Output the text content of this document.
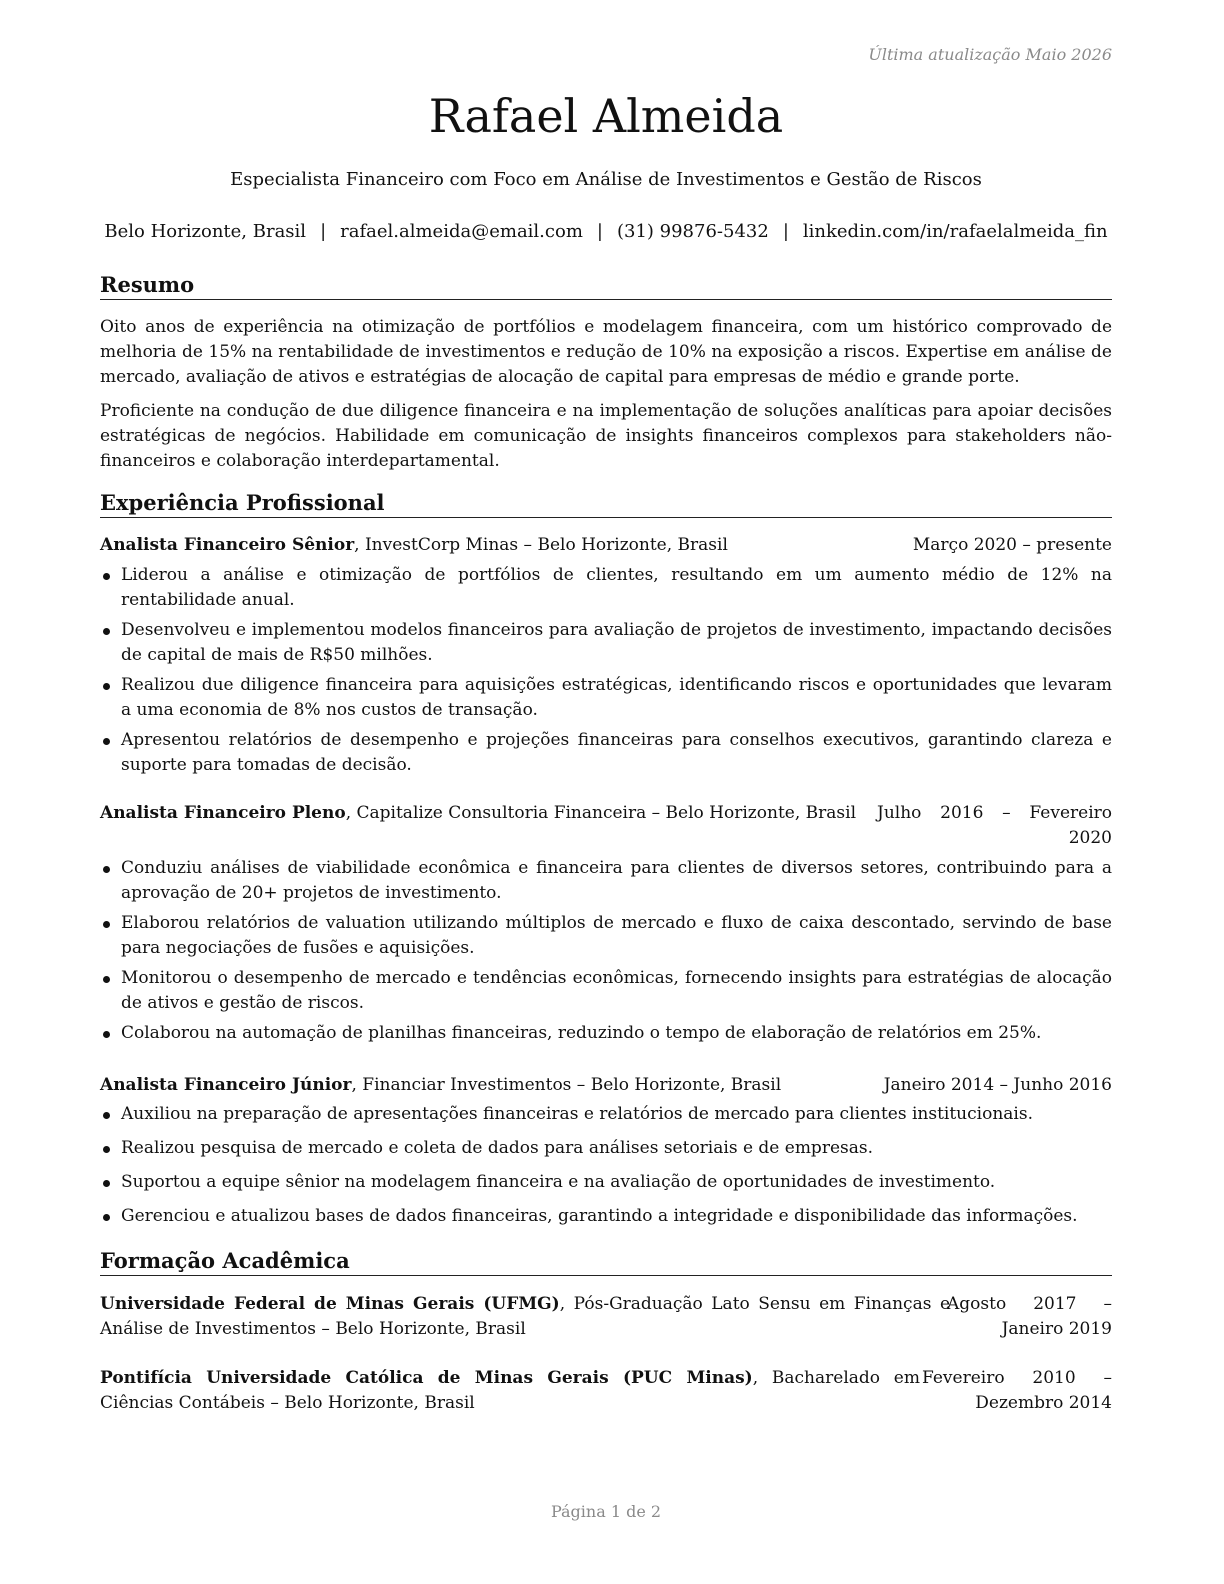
Última atualização Maio 2026
Rafael Almeida
Especialista Financeiro com Foco em Análise de Investimentos e Gestão de Riscos
Belo Horizonte, Brasil | rafael.almeida@email.com | (31) 99876-5432 | linkedin.com/in/rafaelalmeida_fin
Resumo
Oito anos de experiência na otimização de portfólios e modelagem financeira, com um histórico comprovado de melhoria de 15% na rentabilidade de investimentos e redução de 10% na exposição a riscos. Expertise em análise de mercado, avaliação de ativos e estratégias de alocação de capital para empresas de médio e grande porte.
Proficiente na condução de due diligence financeira e na implementação de soluções analíticas para apoiar decisões estratégicas de negócios. Habilidade em comunicação de insights financeiros complexos para stakeholders não-financeiros e colaboração interdepartamental.
Experiência Profissional
Analista Financeiro Sênior, InvestCorp Minas – Belo Horizonte, Brasil	Março 2020 – presente
Liderou a análise e otimização de portfólios de clientes, resultando em um aumento médio de 12% na rentabilidade anual.
Desenvolveu e implementou modelos financeiros para avaliação de projetos de investimento, impactando decisões de capital de mais de R$50 milhões.
Realizou due diligence financeira para aquisições estratégicas, identificando riscos e oportunidades que levaram a uma economia de 8% nos custos de transação.
Apresentou relatórios de desempenho e projeções financeiras para conselhos executivos, garantindo clareza e suporte para tomadas de decisão.
Analista Financeiro Pleno, Capitalize Consultoria Financeira – Belo Horizonte, Brasil Julho 2016 – Fevereiro 2020
Conduziu análises de viabilidade econômica e financeira para clientes de diversos setores, contribuindo para a aprovação de 20+ projetos de investimento.
Elaborou relatórios de valuation utilizando múltiplos de mercado e fluxo de caixa descontado, servindo de base para negociações de fusões e aquisições.
Monitorou o desempenho de mercado e tendências econômicas, fornecendo insights para estratégias de alocação de ativos e gestão de riscos.
Colaborou na automação de planilhas financeiras, reduzindo o tempo de elaboração de relatórios em 25%.
Analista Financeiro Júnior, Financiar Investimentos – Belo Horizonte, Brasil	Janeiro 2014 – Junho 2016
Auxiliou na preparação de apresentações financeiras e relatórios de mercado para clientes institucionais.
Realizou pesquisa de mercado e coleta de dados para análises setoriais e de empresas.
Suportou a equipe sênior na modelagem financeira e na avaliação de oportunidades de investimento.
Gerenciou e atualizou bases de dados financeiras, garantindo a integridade e disponibilidade das informações.
Formação Acadêmica
Universidade Federal de Minas Gerais (UFMG), Pós-Graduação Lato Sensu em Finanças e Análise de Investimentos – Belo Horizonte, Brasil
Agosto 2017 – Janeiro 2019
Pontifícia Universidade Católica de Minas Gerais (PUC Minas), Bacharelado em Ciências Contábeis – Belo Horizonte, Brasil
Fevereiro 2010 – Dezembro 2014
Página 1 de 2
